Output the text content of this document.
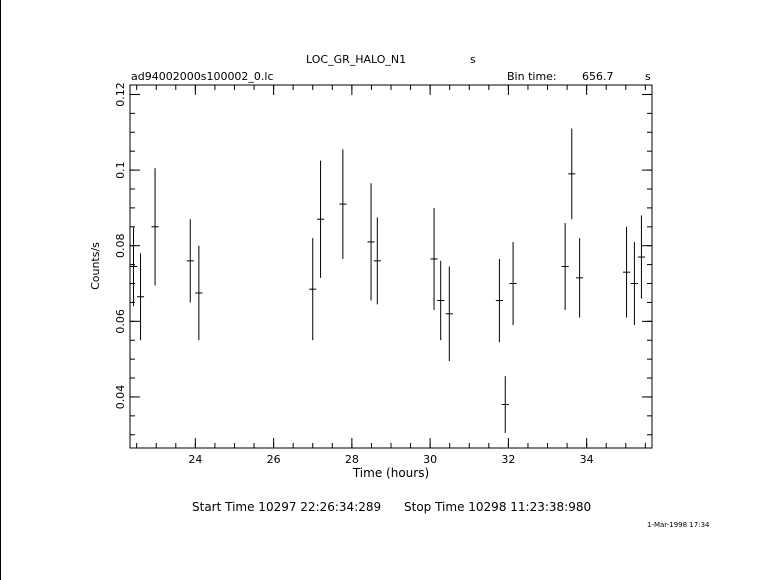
LOC_GR_HALO_N1	s
ad94002000s100002_0.lc	Bin time: 656.7	s
24	26	28	30	32	34
0.04
0.06
0.08
0.1
0.12
Time (hours)
Counts/s
Start Time 10297 22:26:34:289 Stop Time 10298 11:23:38:980
1-Mar-1998 17:34
